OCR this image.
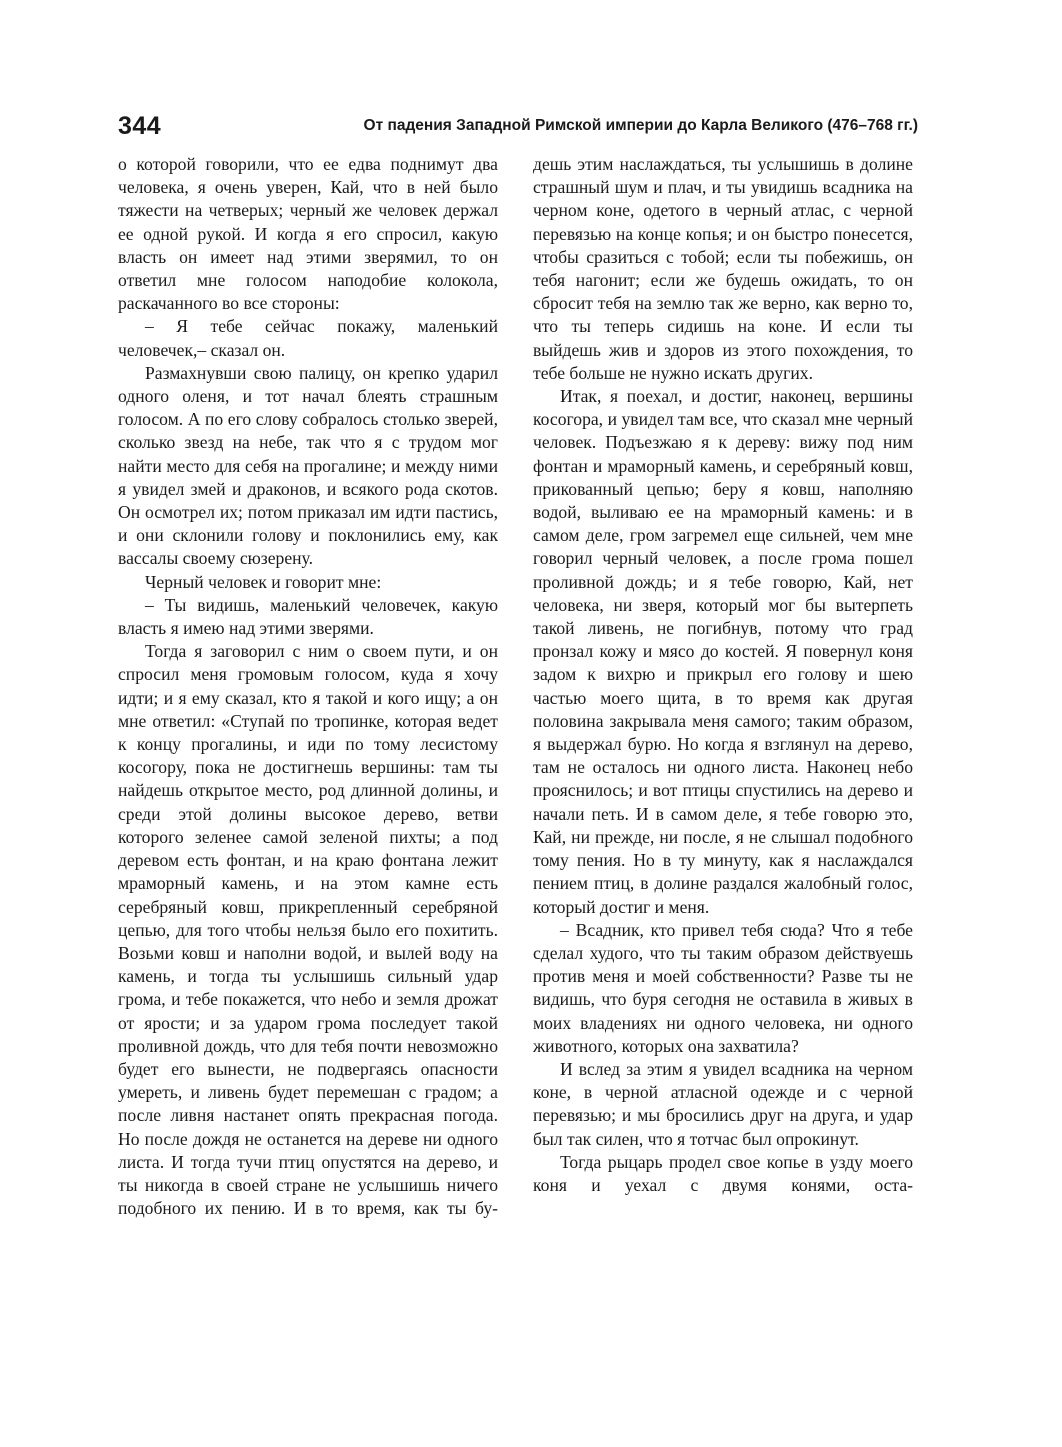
344	От падения Западной Римской империи до Карла Великого (476–768 гг.)

о которой говорили, что ее едва поднимут два человека, я очень уверен, Кай, что в ней было тяжести на четверых; черный же человек держал ее одной рукой. И когда я его спросил, какую власть он имеет над этими зверямил, то он ответил мне голосом наподобие колокола, раскачанного во все стороны:

– Я тебе сейчас покажу, маленький человечек,– сказал он.

Размахнувши свою палицу, он крепко ударил одного оленя, и тот начал блеять страшным голосом. А по его слову собралось столько зверей, сколько звезд на небе, так что я с трудом мог найти место для себя на прогалине; и между ними я увидел змей и драконов, и всякого рода скотов. Он осмотрел их; потом приказал им идти пастись, и они склонили голову и поклонились ему, как вассалы своему сюзерену.

Черный человек и говорит мне:

– Ты видишь, маленький человечек, какую власть я имею над этими зверями.

Тогда я заговорил с ним о своем пути, и он спросил меня громовым голосом, куда я хочу идти; и я ему сказал, кто я такой и кого ищу; а он мне ответил: «Ступай по тропинке, которая ведет к концу прогалины, и иди по тому лесистому косогору, пока не достигнешь вершины: там ты найдешь открытое место, род длинной долины, и среди этой долины высокое дерево, ветви которого зеленее самой зеленой пихты; а под деревом есть фонтан, и на краю фонтана лежит мраморный камень, и на этом камне есть серебряный ковш, прикрепленный серебряной цепью, для того чтобы нельзя было его похитить. Возьми ковш и наполни водой, и вылей воду на камень, и тогда ты услышишь сильный удар грома, и тебе покажется, что небо и земля дрожат от ярости; и за ударом грома последует такой проливной дождь, что для тебя почти невозможно будет его вынести, не подвергаясь опасности умереть, и ливень будет перемешан с градом; а после ливня настанет опять прекрасная погода. Но после дождя не останется на дереве ни одного листа. И тогда тучи птиц опустятся на дерево, и ты никогда в своей стране не услышишь ничего подобного их пению. И в то время, как ты бу-

дешь этим наслаждаться, ты услышишь в долине страшный шум и плач, и ты увидишь всадника на черном коне, одетого в черный атлас, с черной перевязью на конце копья; и он быстро понесется, чтобы сразиться с тобой; если ты побежишь, он тебя нагонит; если же будешь ожидать, то он сбросит тебя на землю так же верно, как верно то, что ты теперь сидишь на коне. И если ты выйдешь жив и здоров из этого похождения, то тебе больше не нужно искать других.

Итак, я поехал, и достиг, наконец, вершины косогора, и увидел там все, что сказал мне черный человек. Подъезжаю я к дереву: вижу под ним фонтан и мраморный камень, и серебряный ковш, прикованный цепью; беру я ковш, наполняю водой, выливаю ее на мраморный камень: и в самом деле, гром загремел еще сильней, чем мне говорил черный человек, а после грома пошел проливной дождь; и я тебе говорю, Кай, нет человека, ни зверя, который мог бы вытерпеть такой ливень, не погибнув, потому что град пронзал кожу и мясо до костей. Я повернул коня задом к вихрю и прикрыл его голову и шею частью моего щита, в то время как другая половина закрывала меня самого; таким образом, я выдержал бурю. Но когда я взглянул на дерево, там не осталось ни одного листа. Наконец небо прояснилось; и вот птицы спустились на дерево и начали петь. И в самом деле, я тебе говорю это, Кай, ни прежде, ни после, я не слышал подобного тому пения. Но в ту минуту, как я наслаждался пением птиц, в долине раздался жалобный голос, который достиг и меня.

– Всадник, кто привел тебя сюда? Что я тебе сделал худого, что ты таким образом действуешь против меня и моей собственности? Разве ты не видишь, что буря сегодня не оставила в живых в моих владениях ни одного человека, ни одного животного, которых она захватила?

И вслед за этим я увидел всадника на черном коне, в черной атласной одежде и с черной перевязью; и мы бросились друг на друга, и удар был так силен, что я тотчас был опрокинут.

Тогда рыцарь продел свое копье в узду моего коня и уехал с двумя конями, оста-
